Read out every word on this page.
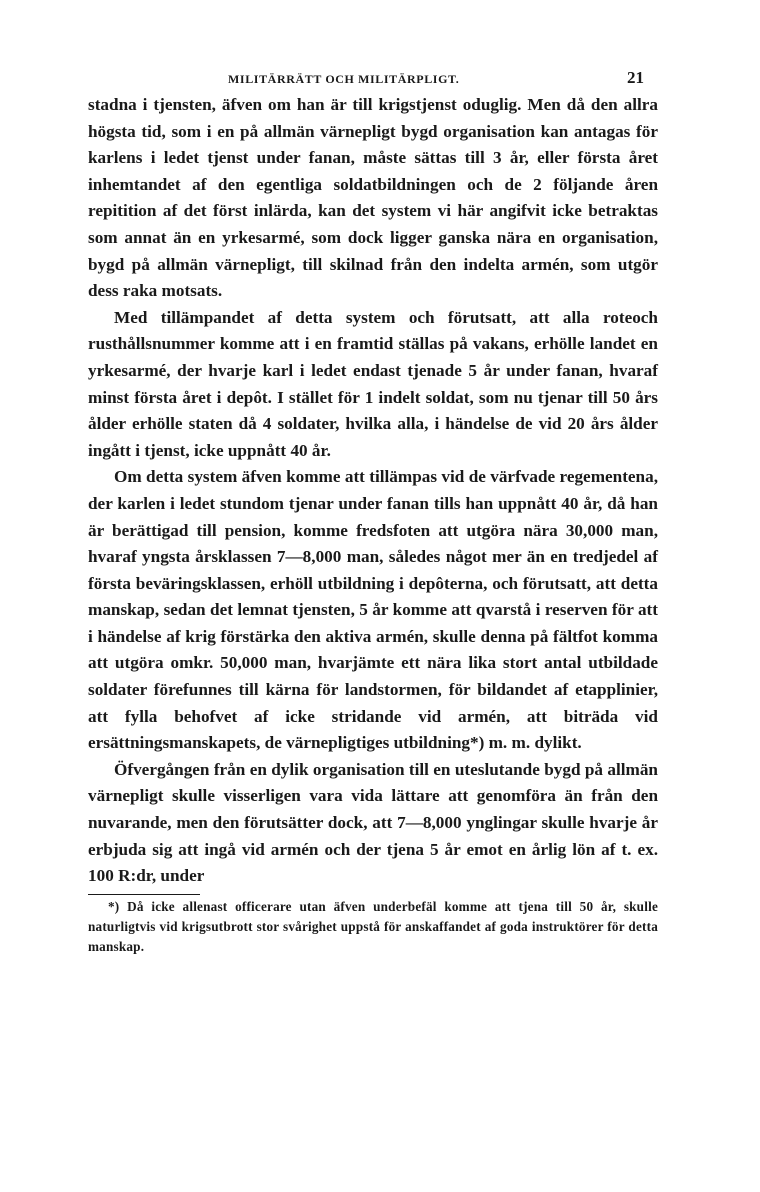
MILITÄRRÄTT OCH MILITÄRPLIGT.	21

stadna i tjensten, äfven om han är till krigstjenst oduglig. Men då den allra högsta tid, som i en på allmän värnepligt bygd organisation kan antagas för karlens i ledet tjenst under fanan, måste sättas till 3 år, eller första året inhemtandet af den egentliga soldatbildningen och de 2 följande åren repitition af det först inlärda, kan det system vi här angifvit icke betraktas som annat än en yrkesarmé, som dock ligger ganska nära en organisation, bygd på allmän värnepligt, till skilnad från den indelta armén, som utgör dess raka motsats.

Med tillämpandet af detta system och förutsatt, att alla roteoch rusthållsnummer komme att i en framtid ställas på vakans, erhölle landet en yrkesarmé, der hvarje karl i ledet endast tjenade 5 år under fanan, hvaraf minst första året i depôt. I stället för 1 indelt soldat, som nu tjenar till 50 års ålder erhölle staten då 4 soldater, hvilka alla, i händelse de vid 20 års ålder ingått i tjenst, icke uppnått 40 år.

Om detta system äfven komme att tillämpas vid de värfvade regementena, der karlen i ledet stundom tjenar under fanan tills han uppnått 40 år, då han är berättigad till pension, komme fredsfoten att utgöra nära 30,000 man, hvaraf yngsta årsklassen 7—8,000 man, således något mer än en tredjedel af första beväringsklassen, erhöll utbildning i depôterna, och förutsatt, att detta manskap, sedan det lemnat tjensten, 5 år komme att qvarstå i reserven för att i händelse af krig förstärka den aktiva armén, skulle denna på fältfot komma att utgöra omkr. 50,000 man, hvarjämte ett nära lika stort antal utbildade soldater förefunnes till kärna för landstormen, för bildandet af etapplinier, att fylla behofvet af icke stridande vid armén, att biträda vid ersättningsmanskapets, de värnepligtiges utbildning*) m. m. dylikt.

Öfvergången från en dylik organisation till en uteslutande bygd på allmän värnepligt skulle visserligen vara vida lättare att genomföra än från den nuvarande, men den förutsätter dock, att 7—8,000 ynglingar skulle hvarje år erbjuda sig att ingå vid armén och der tjena 5 år emot en årlig lön af t. ex. 100 R:dr, under

*) Då icke allenast officerare utan äfven underbefäl komme att tjena till 50 år, skulle naturligtvis vid krigsutbrott stor svårighet uppstå för anskaffandet af goda instruktörer för detta manskap.
